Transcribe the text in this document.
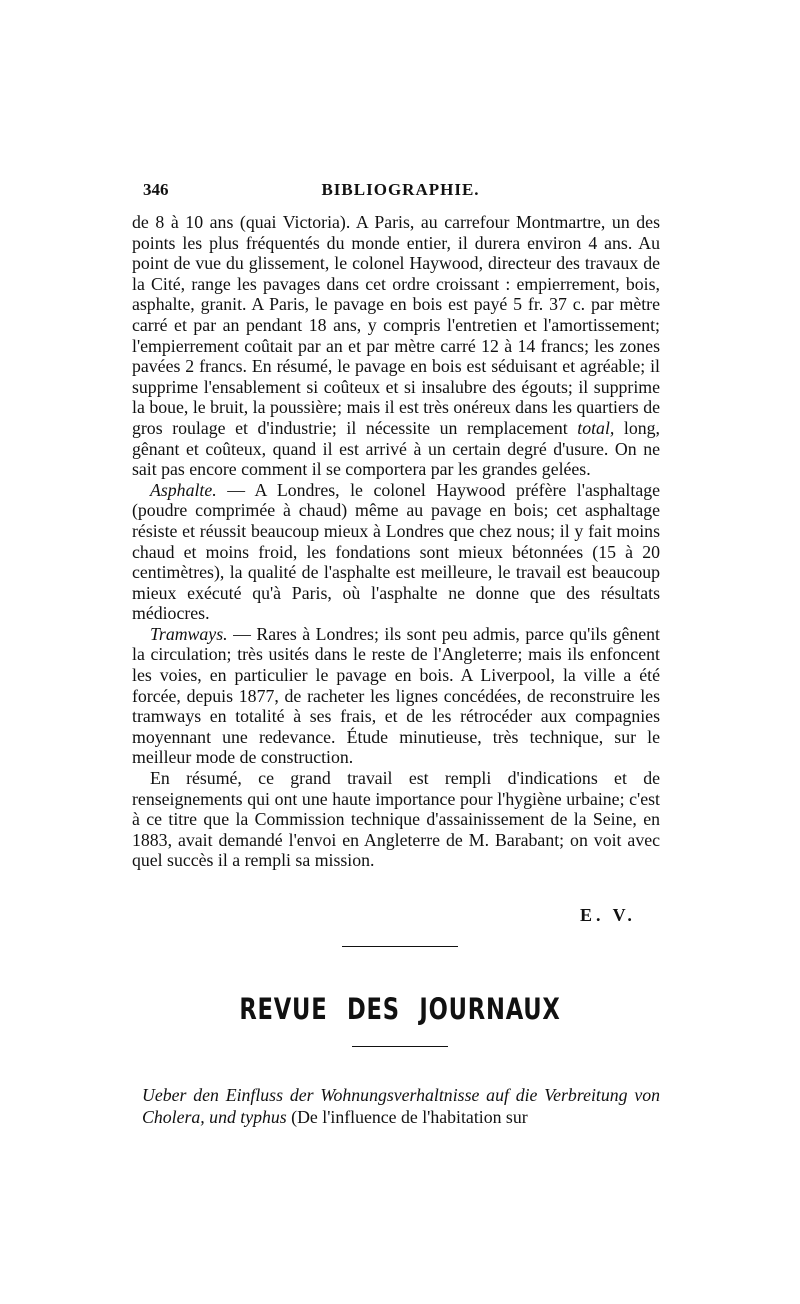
346	BIBLIOGRAPHIE.

de 8 à 10 ans (quai Victoria). A Paris, au carrefour Montmartre, un des points les plus fréquentés du monde entier, il durera environ 4 ans. Au point de vue du glissement, le colonel Haywood, directeur des travaux de la Cité, range les pavages dans cet ordre croissant : empierrement, bois, asphalte, granit. A Paris, le pavage en bois est payé 5 fr. 37 c. par mètre carré et par an pendant 18 ans, y compris l'entretien et l'amortissement; l'empierrement coûtait par an et par mètre carré 12 à 14 francs; les zones pavées 2 francs. En résumé, le pavage en bois est séduisant et agréable; il supprime l'ensablement si coûteux et si insalubre des égouts; il supprime la boue, le bruit, la poussière; mais il est très onéreux dans les quartiers de gros roulage et d'industrie; il nécessite un remplacement total, long, gênant et coûteux, quand il est arrivé à un certain degré d'usure. On ne sait pas encore comment il se comportera par les grandes gelées.

Asphalte. — A Londres, le colonel Haywood préfère l'asphaltage (poudre comprimée à chaud) même au pavage en bois; cet asphaltage résiste et réussit beaucoup mieux à Londres que chez nous; il y fait moins chaud et moins froid, les fondations sont mieux bétonnées (15 à 20 centimètres), la qualité de l'asphalte est meilleure, le travail est beaucoup mieux exécuté qu'à Paris, où l'asphalte ne donne que des résultats médiocres.

Tramways. — Rares à Londres; ils sont peu admis, parce qu'ils gênent la circulation; très usités dans le reste de l'Angleterre; mais ils enfoncent les voies, en particulier le pavage en bois. A Liverpool, la ville a été forcée, depuis 1877, de racheter les lignes concédées, de reconstruire les tramways en totalité à ses frais, et de les rétrocéder aux compagnies moyennant une redevance. Étude minutieuse, très technique, sur le meilleur mode de construction.

En résumé, ce grand travail est rempli d'indications et de renseignements qui ont une haute importance pour l'hygiène urbaine; c'est à ce titre que la Commission technique d'assainissement de la Seine, en 1883, avait demandé l'envoi en Angleterre de M. Barabant; on voit avec quel succès il a rempli sa mission.

E. V.
REVUE DES JOURNAUX

Ueber den Einfluss der Wohnungsverhaltnisse auf die Verbreitung von Cholera, und typhus (De l'influence de l'habitation sur
